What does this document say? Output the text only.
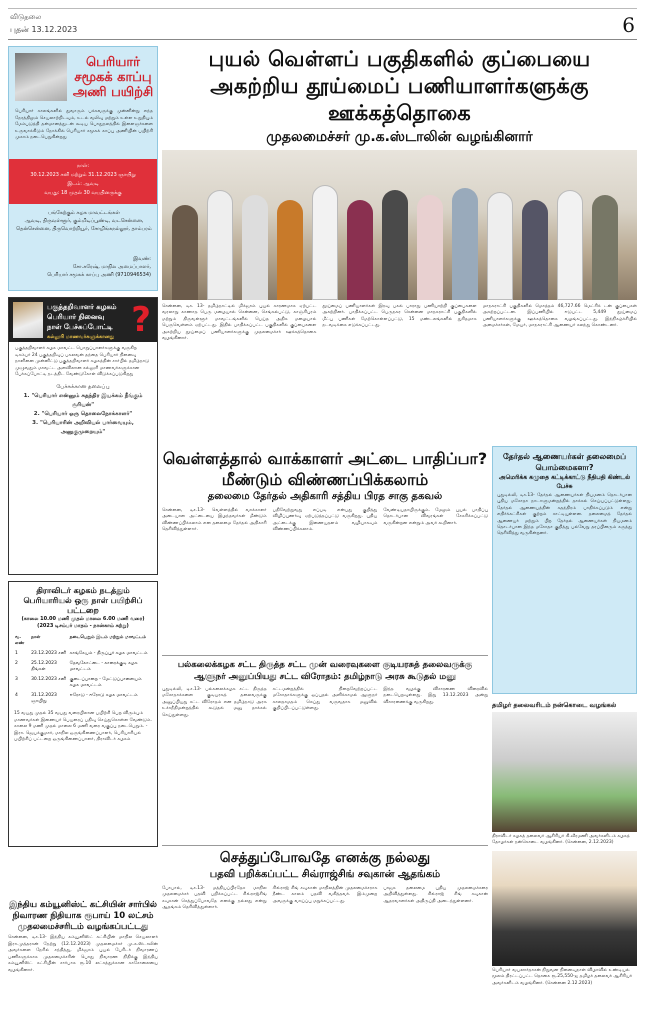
விடுதலை
புதன் 13.12.2023	6
பெரியார் சமூகக் காப்பு அணி பயிற்சி
பெரியார் காலங்களில் துவாரும் பக்கவருக்கு முன்னின்று எந்த நேரத்திலும் செயலாற்றிடவும், உடல் வலிவு மற்றும் உள்ள உறுதியும் மேம்படுத்தி தன்மானத்துடன் கூடிய பொதுநலத்தில் இளைஞர்களை உருவாக்கிடும் நோக்கில் பெரியார் சமூகக் காப்பு அணியின் பயிற்சி முகாம் நடைபெறுகின்றது
நாள்:
30.12.2023 சனி மற்றும் 31.12.2023 ஞாயிறு
இடம்: ஆவடி
வயது: 18 முதல் 30 வயதினருக்கு
பங்கேற்கும் கழக மாவட்டங்கள்
ஆவடி, திருவள்ளூர், கும்மிடிப்பூண்டி, வடசென்னை, தென்சென்னை, திருவொற்றியூர், சோழிங்கநல்லூர், தாம்பரம்
இவண்:
சோ.சுரேஷ், மாநில அமைப்பாளர்,
பெரியார் சமூகக் காப்பு அணி (9710946534)
பகுத்தறிவாளர் கழகம்
பெரியார் நினைவு
நாள் பேச்சுப்போட்டி
கல்லூரி மாணவர்களுக்கானது ?
பகுத்தறிவாளர் கழக மாவட்ட பொறுப்பாளர்களுக்கு வருகிற டிசம்பர் 24 பகுத்தறிவுப் பகலவன் தந்தை பெரியார் நினைவு நாளினை முன்னிட்டு பகுத்தறிவாளர் கழகத்தின் சார்பில் தமிழ்நாடு முழுவதும் மாவட்ட அளவிலான கல்லூரி மாணவர்களுக்கான பேச்சுப்போட்டி நடத்திட வேண்டுகோள் விடுக்கப்படுகிறது
பேச்சுக்கான தலைப்பு
1. "பெரியார் என்னும் சுதந்திர இயக்கம் நீங்கும் சூரியன்"
2. "பெரியார் ஒரு தொலைநோக்காளர்"
3. "பெரியாரின் அறிவியல் பார்வையும், அனுகுமுறையும்"
திராவிடர் கழகம் நடத்தும் பெரியாரியல் ஒரு நாள் பயிற்சிப் பட்டறை
(காலை 10.00 மணி முதல் மாலை 6.00 மணி வரை)
(2023 டிசம்பர் மாதம் - நான்காம் சுற்று)
வ. எண்	நாள்	நடைபெறும் இடம் மற்றும் மாவட்டம்
1	23.12.2023 சனி	காங்கேயம் - திருப்பூர் கழக மாவட்டம்
2	25.12.2023 திங்கள்	தேவகோட்டை - காரைக்குடி கழக மாவட்டம்
3	30.12.2023 சனி	குடைப்பாறை - மேட்டுப்பாளையம் கழக மாவட்டம்
4	31.12.2023 ஞாயிறு	ஈரோடு - ஈரோடு கழக மாவட்டம்
15 வயது முதல் 35 வயது வரையிலான பயிற்சி பெற விரும்பும் மாணவர்கள் இணையர் பெயரைப் பதிவு செய்துகொள்ள வேண்டும். காலை 9 மணி முதல் மாலை 6 மணி வரை வகுப்பு நடைபெறும். - இரா. ஜெயக்குமார், மாநில ஒருங்கிணைப்பாளர், பெரியாரியல் பயிற்சிப் பட்டறை ஒருங்கிணைப்பாளர், திராவிடர் கழகம்
இந்திய கம்யூனிஸ்ட் கட்சியின் சார்பில் நிவாரண நிதியாக ரூபாய் 10 லட்சம் முதலமைச்சரிடம் வழங்கப்பட்டது
சென்னை, டிச.13- இந்திய கம்யூனிஸ்ட் கட்சியின் மாநில செயலாளர் இரா.முத்தரசன் நேற்று (12.12.2023) முதலமைச்சர் மு.க.ஸ்டாலின் அவர்களை நேரில் சந்தித்து, மிக்ஜாம் புயல் பேரிடர் நிவாரணப் பணிகளுக்காக முதலமைச்சரின் பொது நிவாரண நிதிக்கு இந்திய கம்யூனிஸ்ட் கட்சியின் சார்பாக ரூ.10 லட்சத்துக்கான காசோலையை வழங்கினார்.
புயல் வெள்ளப் பகுதிகளில் குப்பையை அகற்றிய தூய்மைப் பணியாளர்களுக்கு ஊக்கத்தொகை
முதலமைச்சர் மு.க.ஸ்டாலின் வழங்கினார்
சென்னை, டிச. 13- தமிழ்நாட்டில் மிக்ஜாம் புயல் காரணமாக ஏற்பட்ட வரலாறு காணாத பெரு மழையால் சென்னை, செங்கல்பட்டு, காஞ்சிபுரம் மற்றும் திருவள்ளூர் மாவட்டங்களில் பெய்த அதிக மழையால் பெருவெள்ளம் ஏற்பட்டது. இதில் பாதிக்கப்பட்ட பகுதிகளில் குப்பைகளை அகற்றிய தூய்மைப் பணியாளர்களுக்கு முதலமைச்சர் ஊக்கத்தொகை வழங்கினார்.
தூய்மைப் பணியாளர்கள் இரவு பகல் பாராது பணியாற்றி குப்பைகளை அகற்றினர். பாதிக்கப்பட்ட பெருநகர சென்னை மாநகராட்சி பகுதிகளில் மீட்பு பணிகள் மேற்கொள்ளப்பட்டு, 15 மண்டலங்களில் துரிதமாக நடவடிக்கை எடுக்கப்பட்டது.
மாநகராட்சி பகுதிகளில் மொத்தம் 46,727.66 மெட்ரிக் டன் குப்பைகள் அகற்றப்பட்டன. இப்பணியில் ஈடுபட்ட 5,449 தூய்மைப் பணியாளர்களுக்கு ஊக்கத்தொகை வழங்கப்பட்டது. இந்நிகழ்ச்சியில் அமைச்சர்கள், மேயர், மாநகராட்சி ஆணையர் கலந்து கொண்டனர்.
வெள்ளத்தால் வாக்காளர் அட்டை பாதிப்பா? மீண்டும் விண்ணப்பிக்கலாம்
தலைமை தேர்தல் அதிகாரி சத்திய பிரத சாகு தகவல்
சென்னை, டிச.13- வெள்ளத்தில் வாக்காளர் அடையாள அட்டையை இழந்தவர்கள் மீண்டும் விண்ணப்பிக்கலாம் என தலைமை தேர்தல் அதிகாரி தெரிவித்துள்ளார்.
பதிவேற்றுவது எப்படி என்பது குறித்து விழிப்புணர்வு ஏற்படுத்தப்பட்டு வருகிறது. புதிய அட்டைக்கு இணையதளம் வழியாகவும் விண்ணப்பிக்கலாம்.
வேண்டியதாயிருக்கும். மேலும் புயல் பாதிப்பு தொடர்பான விவரங்கள் சேகரிக்கப்பட்டு வருகின்றன என்றும் அவர் கூறினார்.
பல்கலைக்கழக சட்ட திருத்த சட்ட முன் வரைவுகளை குடியரசுத் தலைவருக்கு ஆளுநர் அனுப்பியது சட்ட விரோதம்: தமிழ்நாடு அரசு கூடுதல் மனு
புதுடில்லி, டிச.13- பல்கலைக்கழக சட்ட திருத்த மசோதாக்களை குடியரசுத் தலைவருக்கு அனுப்பியது சட்ட விரோதம் என தமிழ்நாடு அரசு உச்சநீதிமன்றத்தில் கூடுதல் மனு தாக்கல் செய்துள்ளது.
சட்டமன்றத்தில் நிறைவேற்றப்பட்ட மசோதாக்களுக்கு ஒப்புதல் அளிக்காமல் ஆளுநர் காலதாமதம் செய்து வருவதாக மனுவில் குறிப்பிடப்பட்டுள்ளது.
இந்த வழக்கு விசாரணை விரைவில் நடைபெறவுள்ளது. இது 13.12.2023 அன்று விசாரணைக்கு வருகிறது.
செத்துப்போவதே எனக்கு நல்லது
பதவி பறிக்கப்பட்ட சிவ்ராஜ்சிங் சவுகான் ஆதங்கம்
போபால், டிச.13- மத்தியப்பிரதேச மாநில முதலமைச்சர் பதவி பறிக்கப்பட்ட சிவ்ராஜ்சிங் சவுகான் செத்துப்போவதே எனக்கு நல்லது என்று ஆதங்கம் தெரிவித்துள்ளார்.
சிவ்ராஜ் சிங் சவுகான் மாநிலத்தின் முதலமைச்சராக நீண்ட காலம் பதவி வகித்தவர். இம்முறை அவருக்கு வாய்ப்பு மறுக்கப்பட்டது.
பாஜக தலைமை புதிய முதலமைச்சரை அறிவித்துள்ளது. சிவ்ராஜ் சிங் சவுகான் ஆதரவாளர்கள் அதிருப்தி அடைந்துள்ளனர்.
தேர்தல் ஆணையர்கள் தலைமைப் பொம்மைகளா?
அமெரிக்க கழுதை கட்டிக்காட்டு நீதிபதி கிண்டல் பேச்சு
புதுடில்லி, டிச.13- தேர்தல் ஆணையர்கள் நியமனம் தொடர்பான புதிய மசோதா நாடாளுமன்றத்தில் தாக்கல் செய்யப்பட்டுள்ளது. தேர்தல் ஆணையத்தின் சுதந்திரம் பாதிக்கப்படும் என்று எதிர்க்கட்சிகள் குற்றம் சாட்டியுள்ளன. தலைமைத் தேர்தல் ஆணையர் மற்றும் பிற தேர்தல் ஆணையர்கள் நியமனம் தொடர்பான இந்த மசோதா குறித்து பல்வேறு தரப்பினரும் கருத்து தெரிவித்து வருகின்றனர்.
தமிழர் தலைவரிடம் நன்கொடை வழங்கல்
திராவிடர் கழகத் தலைவர் ஆசிரியர் கி.வீரமணி அவர்களிடம் கழகத் தோழர்கள் நன்கொடை வழங்கினர். (சென்னை, 2.12.2023)
பெரியார் வயலார்தாசன் நிறுவன நினைவுநாள் விழாவில் உண்டியல் மூலம் திரட்டப்பட்ட தொகை ரூ.25,550-ஐ தமிழர் தலைவர் ஆசிரியர் அவர்களிடம் வழங்கினர். (சென்னை 2.12.2023)
